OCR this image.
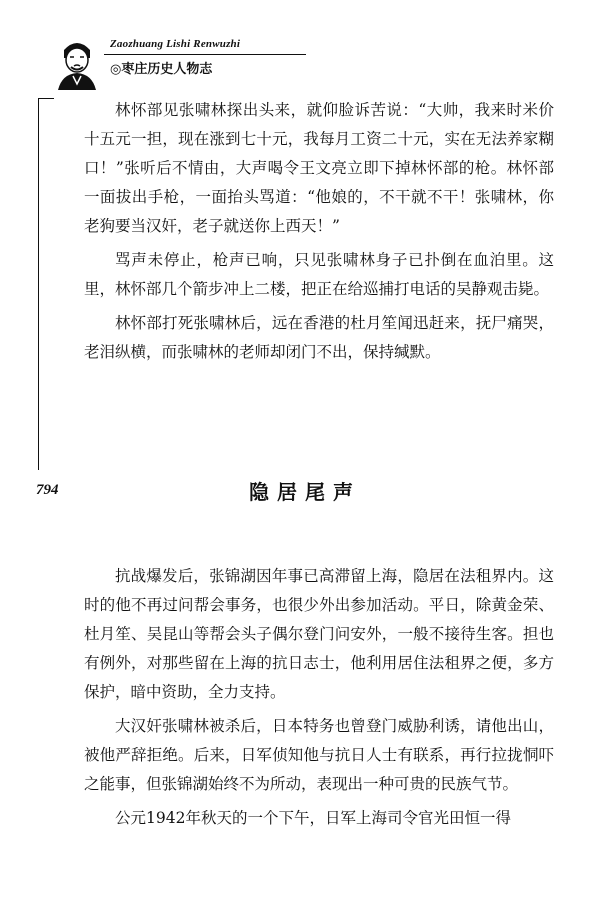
Zaozhuang Lishi Renwuzhi
◎枣庄历史人物志
794

林怀部见张啸林探出头来，就仰脸诉苦说：“大帅，我来时米价十五元一担，现在涨到七十元，我每月工资二十元，实在无法养家糊口！”张听后不情由，大声喝令王文亮立即下掉林怀部的枪。林怀部一面拔出手枪，一面抬头骂道：“他娘的，不干就不干！张啸林，你老狗要当汉奸，老子就送你上西天！”

骂声未停止，枪声已响，只见张啸林身子已扑倒在血泊里。这里，林怀部几个箭步冲上二楼，把正在给巡捕打电话的吴静观击毙。

林怀部打死张啸林后，远在香港的杜月笙闻迅赶来，抚尸痛哭，老泪纵横，而张啸林的老师却闭门不出，保持缄默。

隐居尾声

抗战爆发后，张锦湖因年事已高滞留上海，隐居在法租界内。这时的他不再过问帮会事务，也很少外出参加活动。平日，除黄金荣、杜月笙、吴昆山等帮会头子偶尔登门问安外，一般不接待生客。担也有例外，对那些留在上海的抗日志士，他利用居住法租界之便，多方保护，暗中资助，全力支持。

大汉奸张啸林被杀后，日本特务也曾登门威胁利诱，请他出山，被他严辞拒绝。后来，日军侦知他与抗日人士有联系，再行拉拢恫吓之能事，但张锦湖始终不为所动，表现出一种可贵的民族气节。

公元1942年秋天的一个下午，日军上海司令官光田恒一得
